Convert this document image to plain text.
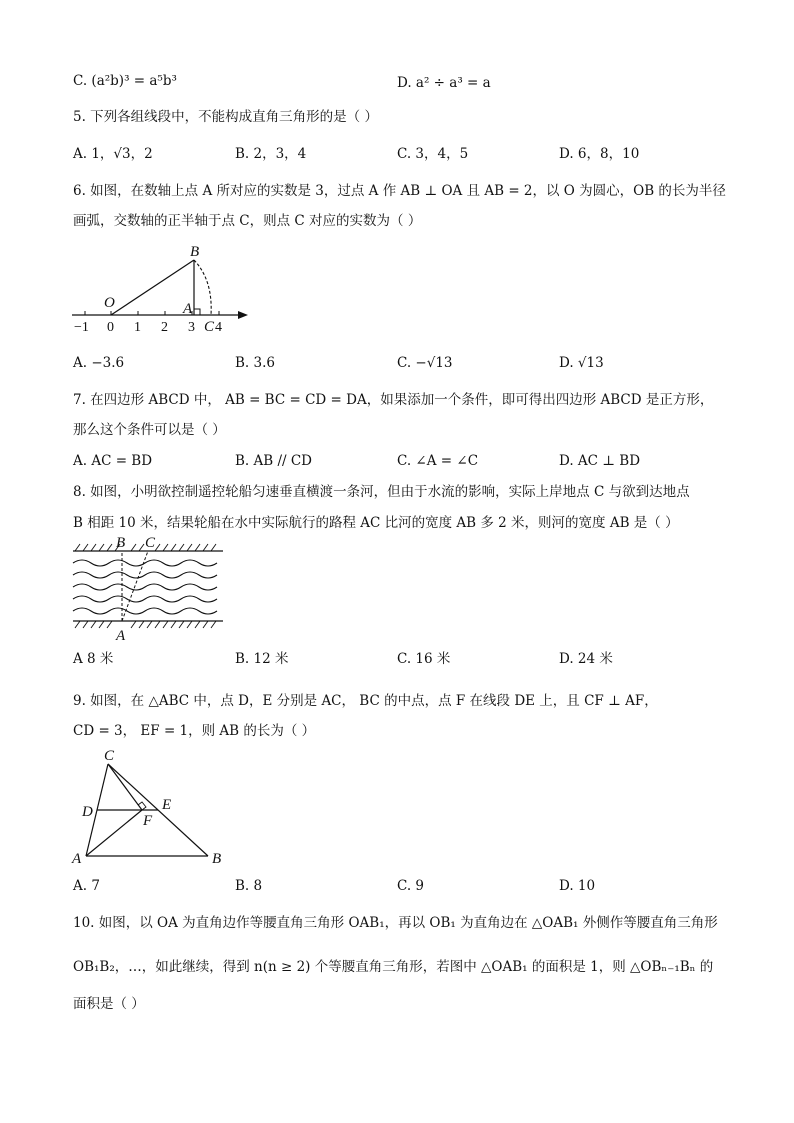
C. (a²b)³ = a⁵b³	D. a² ÷ a³ = a
5. 下列各组线段中，不能构成直角三角形的是（ ）
A. 1，√3，2	B. 2，3，4	C. 3，4，5	D. 6，8，10
6. 如图，在数轴上点 A 所对应的实数是 3，过点 A 作 AB ⊥ OA 且 AB = 2，以 O 为圆心，OB 的长为半径
画弧，交数轴的正半轴于点 C，则点 C 对应的实数为（ ）
B
O	A
C
−1 0 1 2 3 4
A. −3.6	B. 3.6	C. −√13	D. √13
7. 在四边形 ABCD 中， AB = BC = CD = DA，如果添加一个条件，即可得出四边形 ABCD 是正方形，
那么这个条件可以是（ ）
A. AC = BD	B. AB // CD	C. ∠A = ∠C	D. AC ⊥ BD
8. 如图，小明欲控制遥控轮船匀速垂直横渡一条河，但由于水流的影响，实际上岸地点 C 与欲到达地点
B 相距 10 米，结果轮船在水中实际航行的路程 AC 比河的宽度 AB 多 2 米，则河的宽度 AB 是（ ）
B C
A
A 8 米	B. 12 米	C. 16 米	D. 24 米
9. 如图，在 △ABC 中，点 D，E 分别是 AC， BC 的中点，点 F 在线段 DE 上，且 CF ⊥ AF，
CD = 3， EF = 1，则 AB 的长为（ ）
C
D	E
F
A	B
A. 7	B. 8	C. 9	D. 10
10. 如图，以 OA 为直角边作等腰直角三角形 OAB₁，再以 OB₁ 为直角边在 △OAB₁ 外侧作等腰直角三角形
OB₁B₂，…，如此继续，得到 n(n ≥ 2) 个等腰直角三角形，若图中 △OAB₁ 的面积是 1，则 △OBₙ₋₁Bₙ 的
面积是（ ）
